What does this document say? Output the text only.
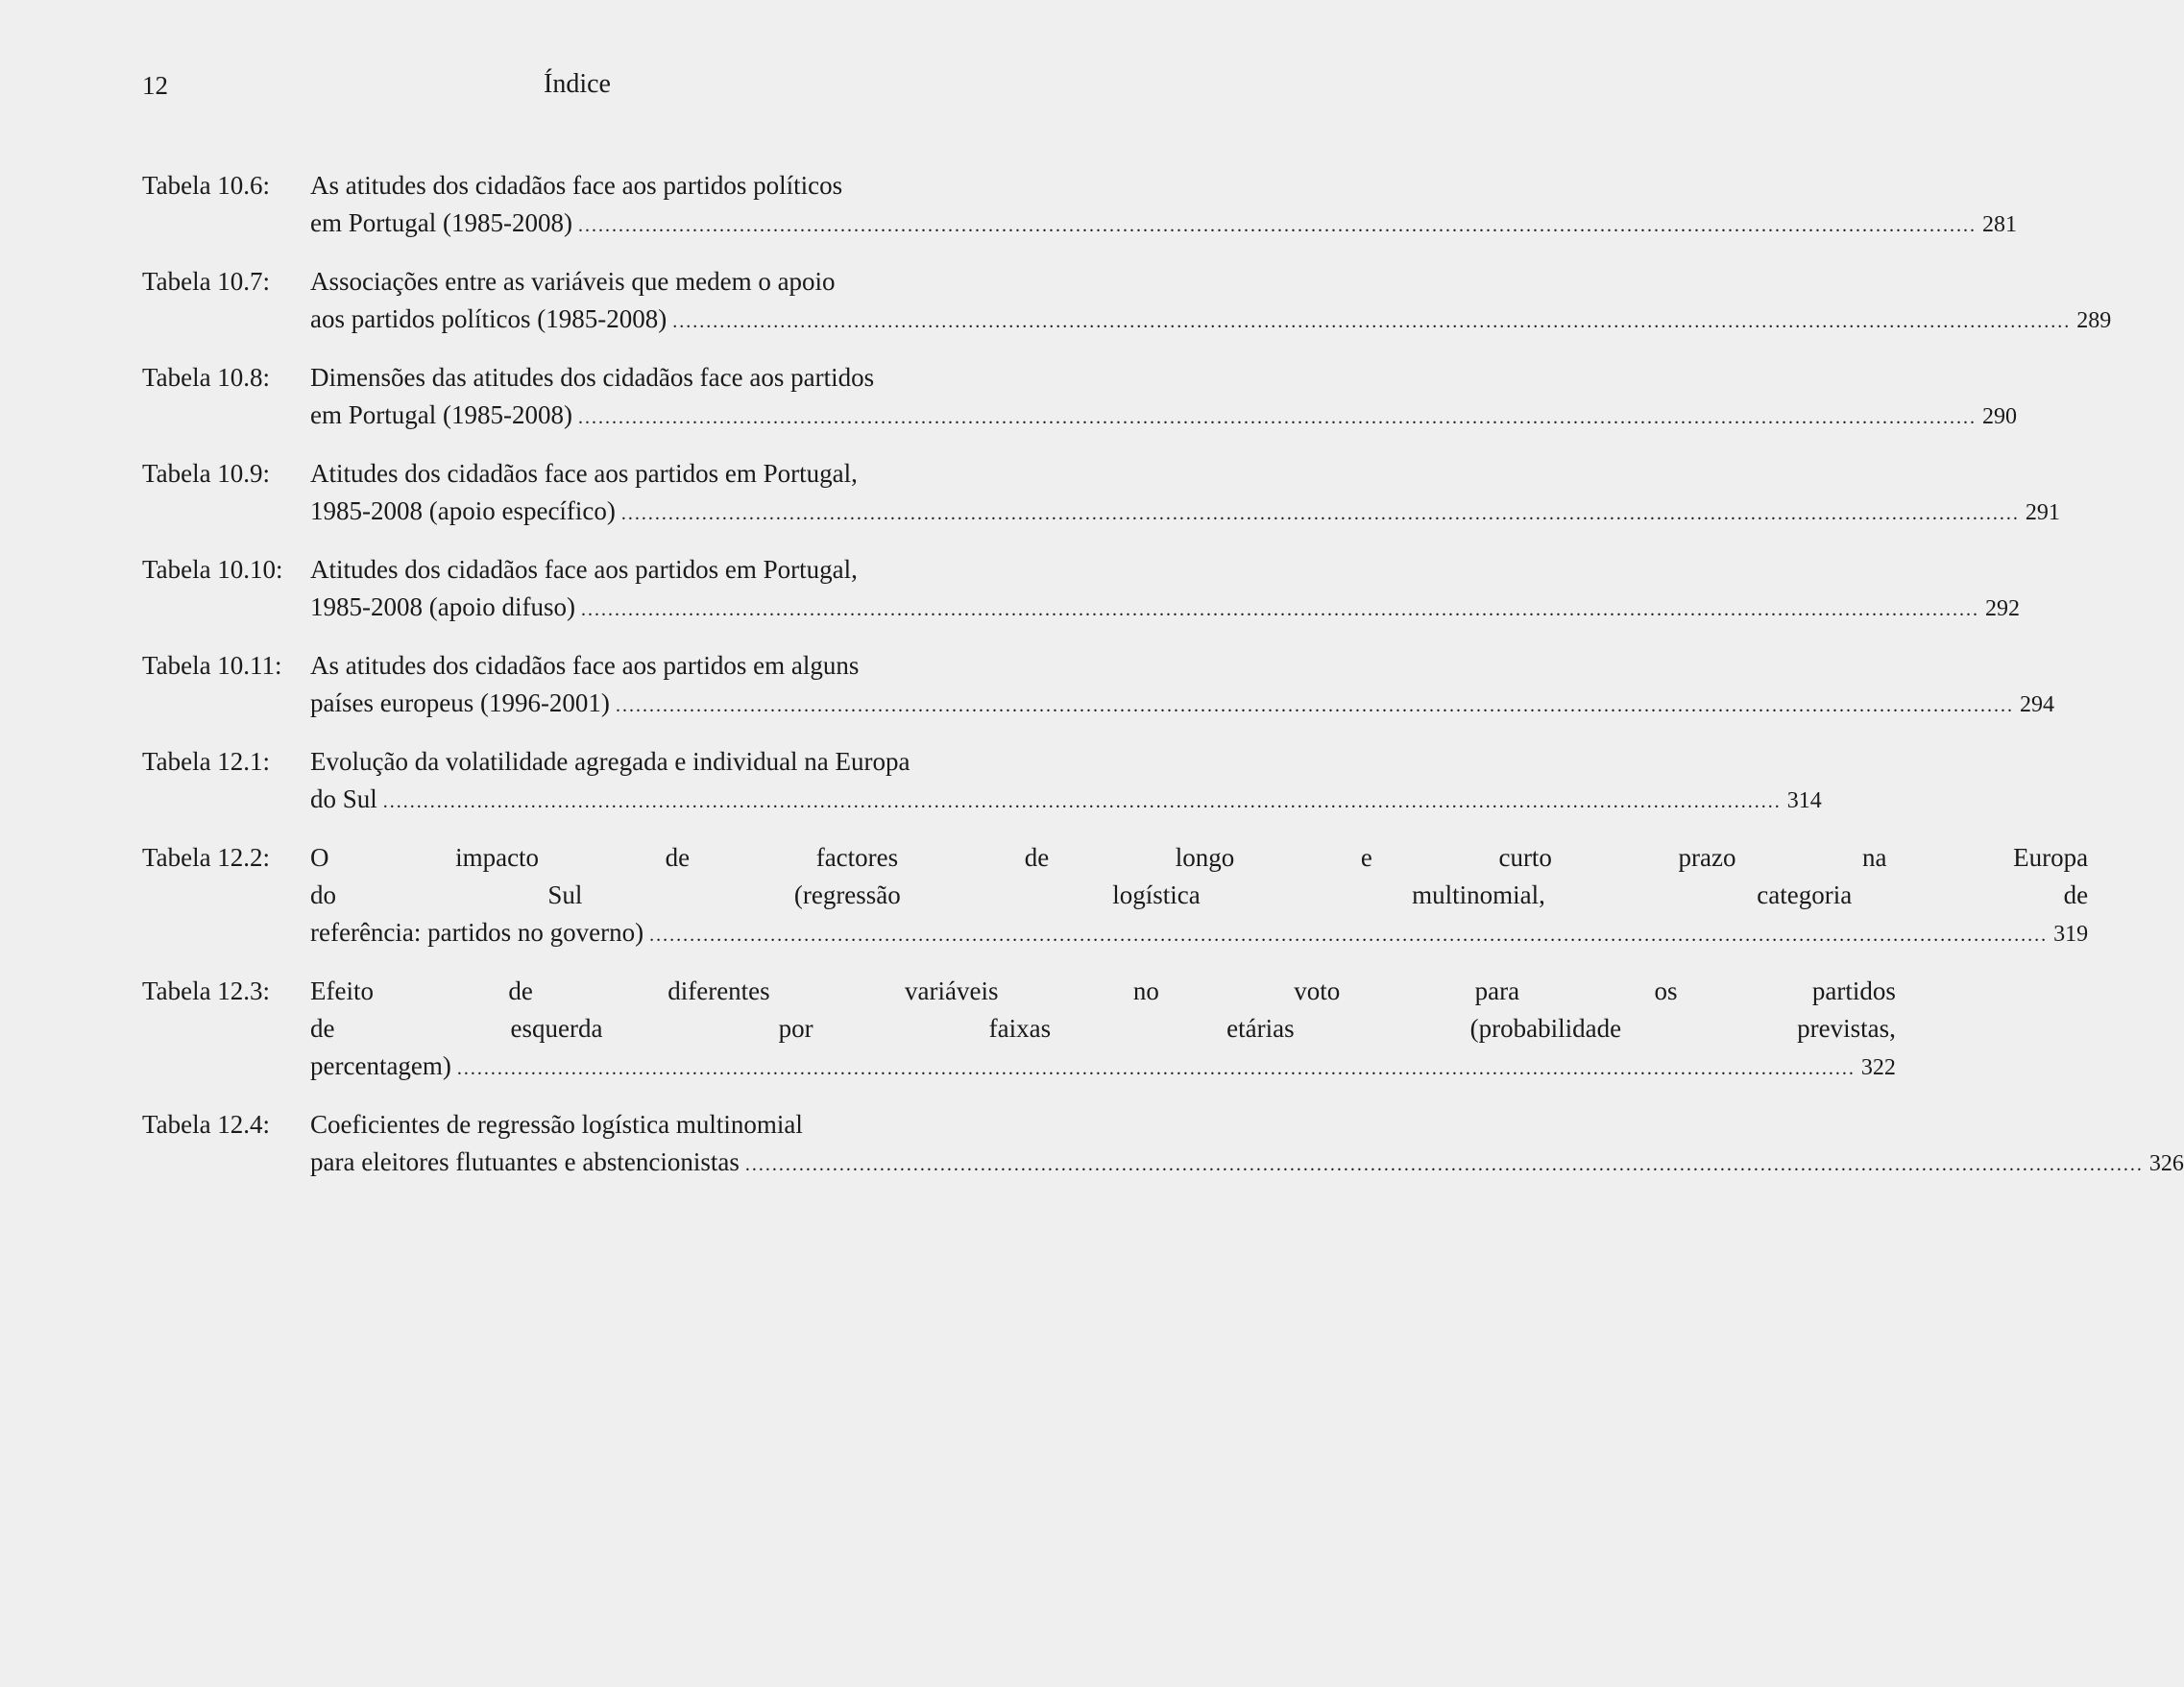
12	Índice
Tabela 10.6:	As atitudes dos cidadãos face aos partidos políticos
em Portugal (1985-2008) .....	281
Tabela 10.7:	Associações entre as variáveis que medem o apoio
aos partidos políticos (1985-2008) .....	289
Tabela 10.8:	Dimensões das atitudes dos cidadãos face aos partidos
em Portugal (1985-2008) .....	290
Tabela 10.9:	Atitudes dos cidadãos face aos partidos em Portugal,
1985-2008 (apoio específico) .....	291
Tabela 10.10:	Atitudes dos cidadãos face aos partidos em Portugal,
1985-2008 (apoio difuso) .....	292
Tabela 10.11:	As atitudes dos cidadãos face aos partidos em alguns
países europeus (1996-2001) .....	294
Tabela 12.1:	Evolução da volatilidade agregada e individual na Europa
do Sul .....	314
Tabela 12.2:	O impacto de factores de longo e curto prazo na Europa
do Sul (regressão logística multinomial, categoria de
referência: partidos no governo) .....	319
Tabela 12.3:	Efeito de diferentes variáveis no voto para os partidos
de esquerda por faixas etárias (probabilidade previstas,
percentagem) .....	322
Tabela 12.4:	Coeficientes de regressão logística multinomial
para eleitores flutuantes e abstencionistas .....	326
